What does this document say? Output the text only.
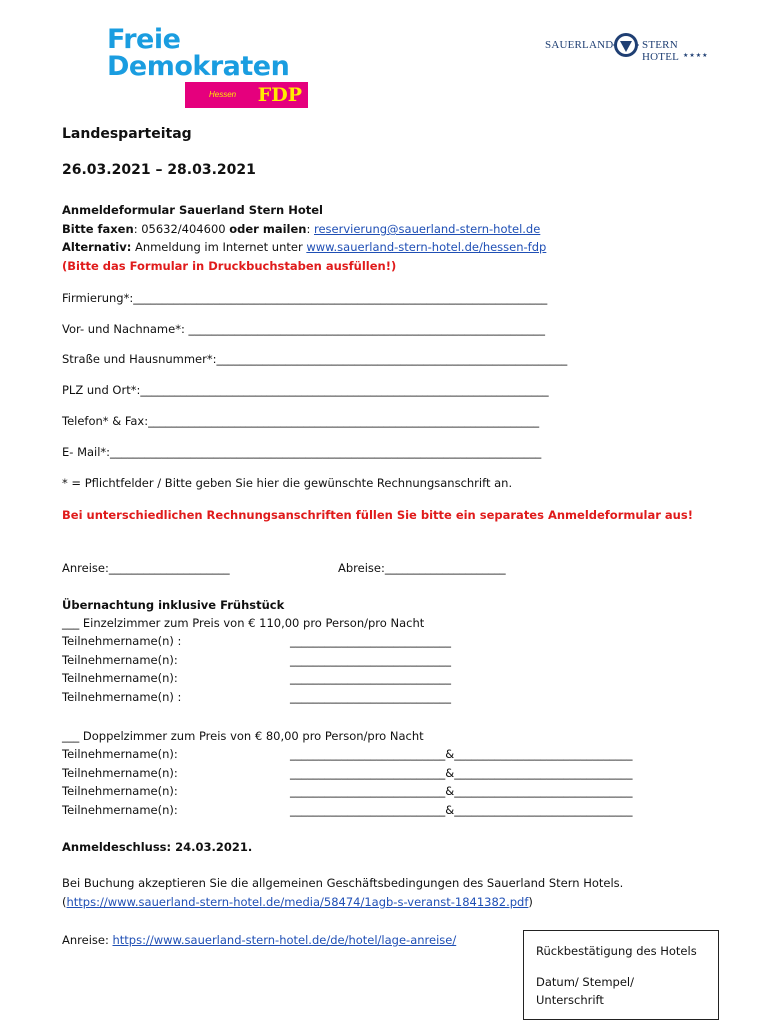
Freie
Demokraten
Hessen FDP
SAUERLAND	STERN HOTEL ★★★★
Landesparteitag
26.03.2021 – 28.03.2021
Anmeldeformular Sauerland Stern Hotel
Bitte faxen: 05632/404600 oder mailen: reservierung@sauerland-stern-hotel.de
Alternativ: Anmeldung im Internet unter www.sauerland-stern-hotel.de/hessen-fdp
(Bitte das Formular in Druckbuchstaben ausfüllen!)
Firmierung*:________________________________________________________________________
Vor- und Nachname*: ______________________________________________________________
Straße und Hausnummer*:_____________________________________________________________
PLZ und Ort*:_______________________________________________________________________
Telefon* & Fax:____________________________________________________________________
E- Mail*:___________________________________________________________________________
* = Pflichtfelder / Bitte geben Sie hier die gewünschte Rechnungsanschrift an.
Bei unterschiedlichen Rechnungsanschriften füllen Sie bitte ein separates Anmeldeformular aus!
Anreise:_____________________	Abreise:_____________________
Übernachtung inklusive Frühstück
___ Einzelzimmer zum Preis von € 110,00 pro Person/pro Nacht
Teilnehmername(n) :	____________________________
Teilnehmername(n):	____________________________
Teilnehmername(n):	____________________________
Teilnehmername(n) :	____________________________
___ Doppelzimmer zum Preis von € 80,00 pro Person/pro Nacht
Teilnehmername(n):	___________________________&_______________________________
Teilnehmername(n):	___________________________&_______________________________
Teilnehmername(n):	___________________________&_______________________________
Teilnehmername(n):	___________________________&_______________________________
Anmeldeschluss: 24.03.2021.
Bei Buchung akzeptieren Sie die allgemeinen Geschäftsbedingungen des Sauerland Stern Hotels.
(https://www.sauerland-stern-hotel.de/media/58474/1agb-s-veranst-1841382.pdf)
Anreise: https://www.sauerland-stern-hotel.de/de/hotel/lage-anreise/
Rückbestätigung des Hotels
Datum/ Stempel/
Unterschrift
